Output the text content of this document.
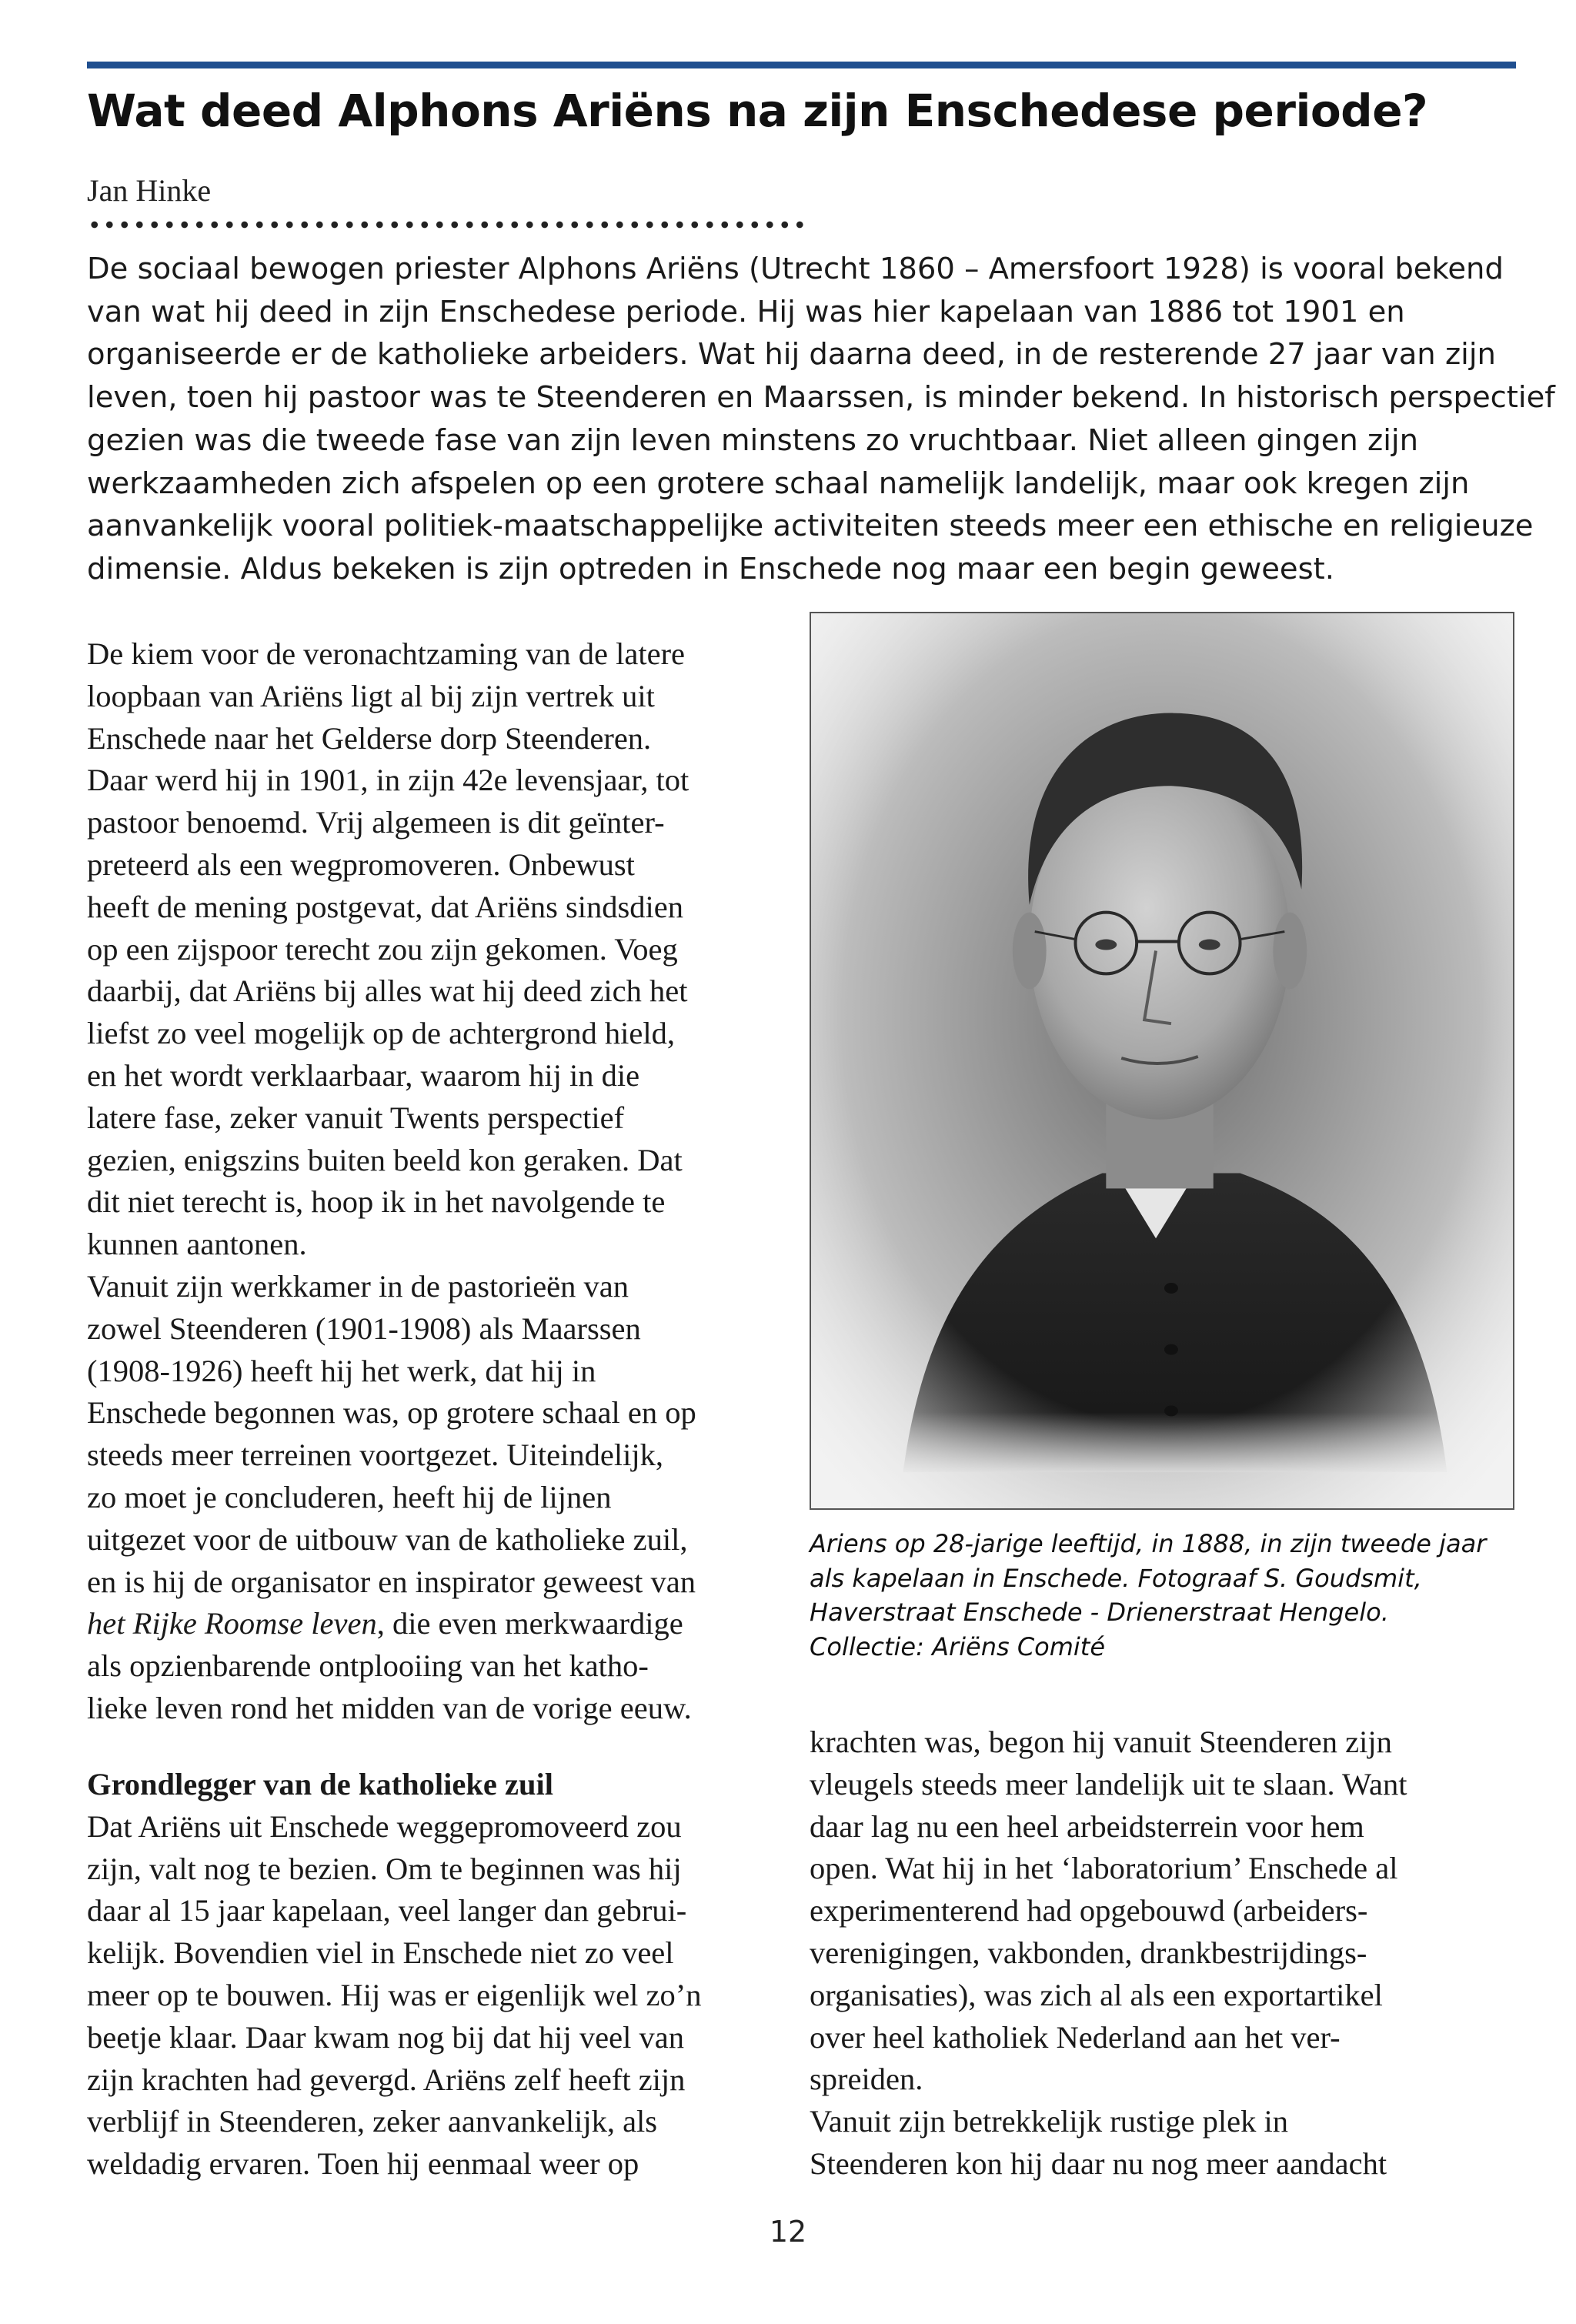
Wat deed Alphons Ariëns na zijn Enschedese periode?
Jan Hinke
De sociaal bewogen priester Alphons Ariëns (Utrecht 1860 – Amersfoort 1928) is vooral bekend
van wat hij deed in zijn Enschedese periode. Hij was hier kapelaan van 1886 tot 1901 en
organiseerde er de katholieke arbeiders. Wat hij daarna deed, in de resterende 27 jaar van zijn
leven, toen hij pastoor was te Steenderen en Maarssen, is minder bekend. In historisch perspectief
gezien was die tweede fase van zijn leven minstens zo vruchtbaar. Niet alleen gingen zijn
werkzaamheden zich afspelen op een grotere schaal namelijk landelijk, maar ook kregen zijn
aanvankelijk vooral politiek-maatschappelijke activiteiten steeds meer een ethische en religieuze
dimensie. Aldus bekeken is zijn optreden in Enschede nog maar een begin geweest.
De kiem voor de veronachtzaming van de latere
loopbaan van Ariëns ligt al bij zijn vertrek uit
Enschede naar het Gelderse dorp Steenderen.
Daar werd hij in 1901, in zijn 42e levensjaar, tot
pastoor benoemd. Vrij algemeen is dit geïnter-
preteerd als een wegpromoveren. Onbewust
heeft de mening postgevat, dat Ariëns sindsdien
op een zijspoor terecht zou zijn gekomen. Voeg
daarbij, dat Ariëns bij alles wat hij deed zich het
liefst zo veel mogelijk op de achtergrond hield,
en het wordt verklaarbaar, waarom hij in die
latere fase, zeker vanuit Twents perspectief
gezien, enigszins buiten beeld kon geraken. Dat
dit niet terecht is, hoop ik in het navolgende te
kunnen aantonen.
Vanuit zijn werkkamer in de pastorieën van
zowel Steenderen (1901-1908) als Maarssen
(1908-1926) heeft hij het werk, dat hij in
Enschede begonnen was, op grotere schaal en op
steeds meer terreinen voortgezet. Uiteindelijk,
zo moet je concluderen, heeft hij de lijnen
uitgezet voor de uitbouw van de katholieke zuil,
en is hij de organisator en inspirator geweest van
het Rijke Roomse leven, die even merkwaardige
als opzienbarende ontplooiing van het katho-
lieke leven rond het midden van de vorige eeuw.
Grondlegger van de katholieke zuil
Dat Ariëns uit Enschede weggepromoveerd zou
zijn, valt nog te bezien. Om te beginnen was hij
daar al 15 jaar kapelaan, veel langer dan gebrui-
kelijk. Bovendien viel in Enschede niet zo veel
meer op te bouwen. Hij was er eigenlijk wel zo’n
beetje klaar. Daar kwam nog bij dat hij veel van
zijn krachten had gevergd. Ariëns zelf heeft zijn
verblijf in Steenderen, zeker aanvankelijk, als
weldadig ervaren. Toen hij eenmaal weer op
Ariens op 28-jarige leeftijd, in 1888, in zijn tweede jaar
als kapelaan in Enschede. Fotograaf S. Goudsmit,
Haverstraat Enschede - Drienerstraat Hengelo.
Collectie: Ariëns Comité
krachten was, begon hij vanuit Steenderen zijn
vleugels steeds meer landelijk uit te slaan. Want
daar lag nu een heel arbeidsterrein voor hem
open. Wat hij in het ‘laboratorium’ Enschede al
experimenterend had opgebouwd (arbeiders-
verenigingen, vakbonden, drankbestrijdings-
organisaties), was zich al als een exportartikel
over heel katholiek Nederland aan het ver-
spreiden.
Vanuit zijn betrekkelijk rustige plek in
Steenderen kon hij daar nu nog meer aandacht
12
